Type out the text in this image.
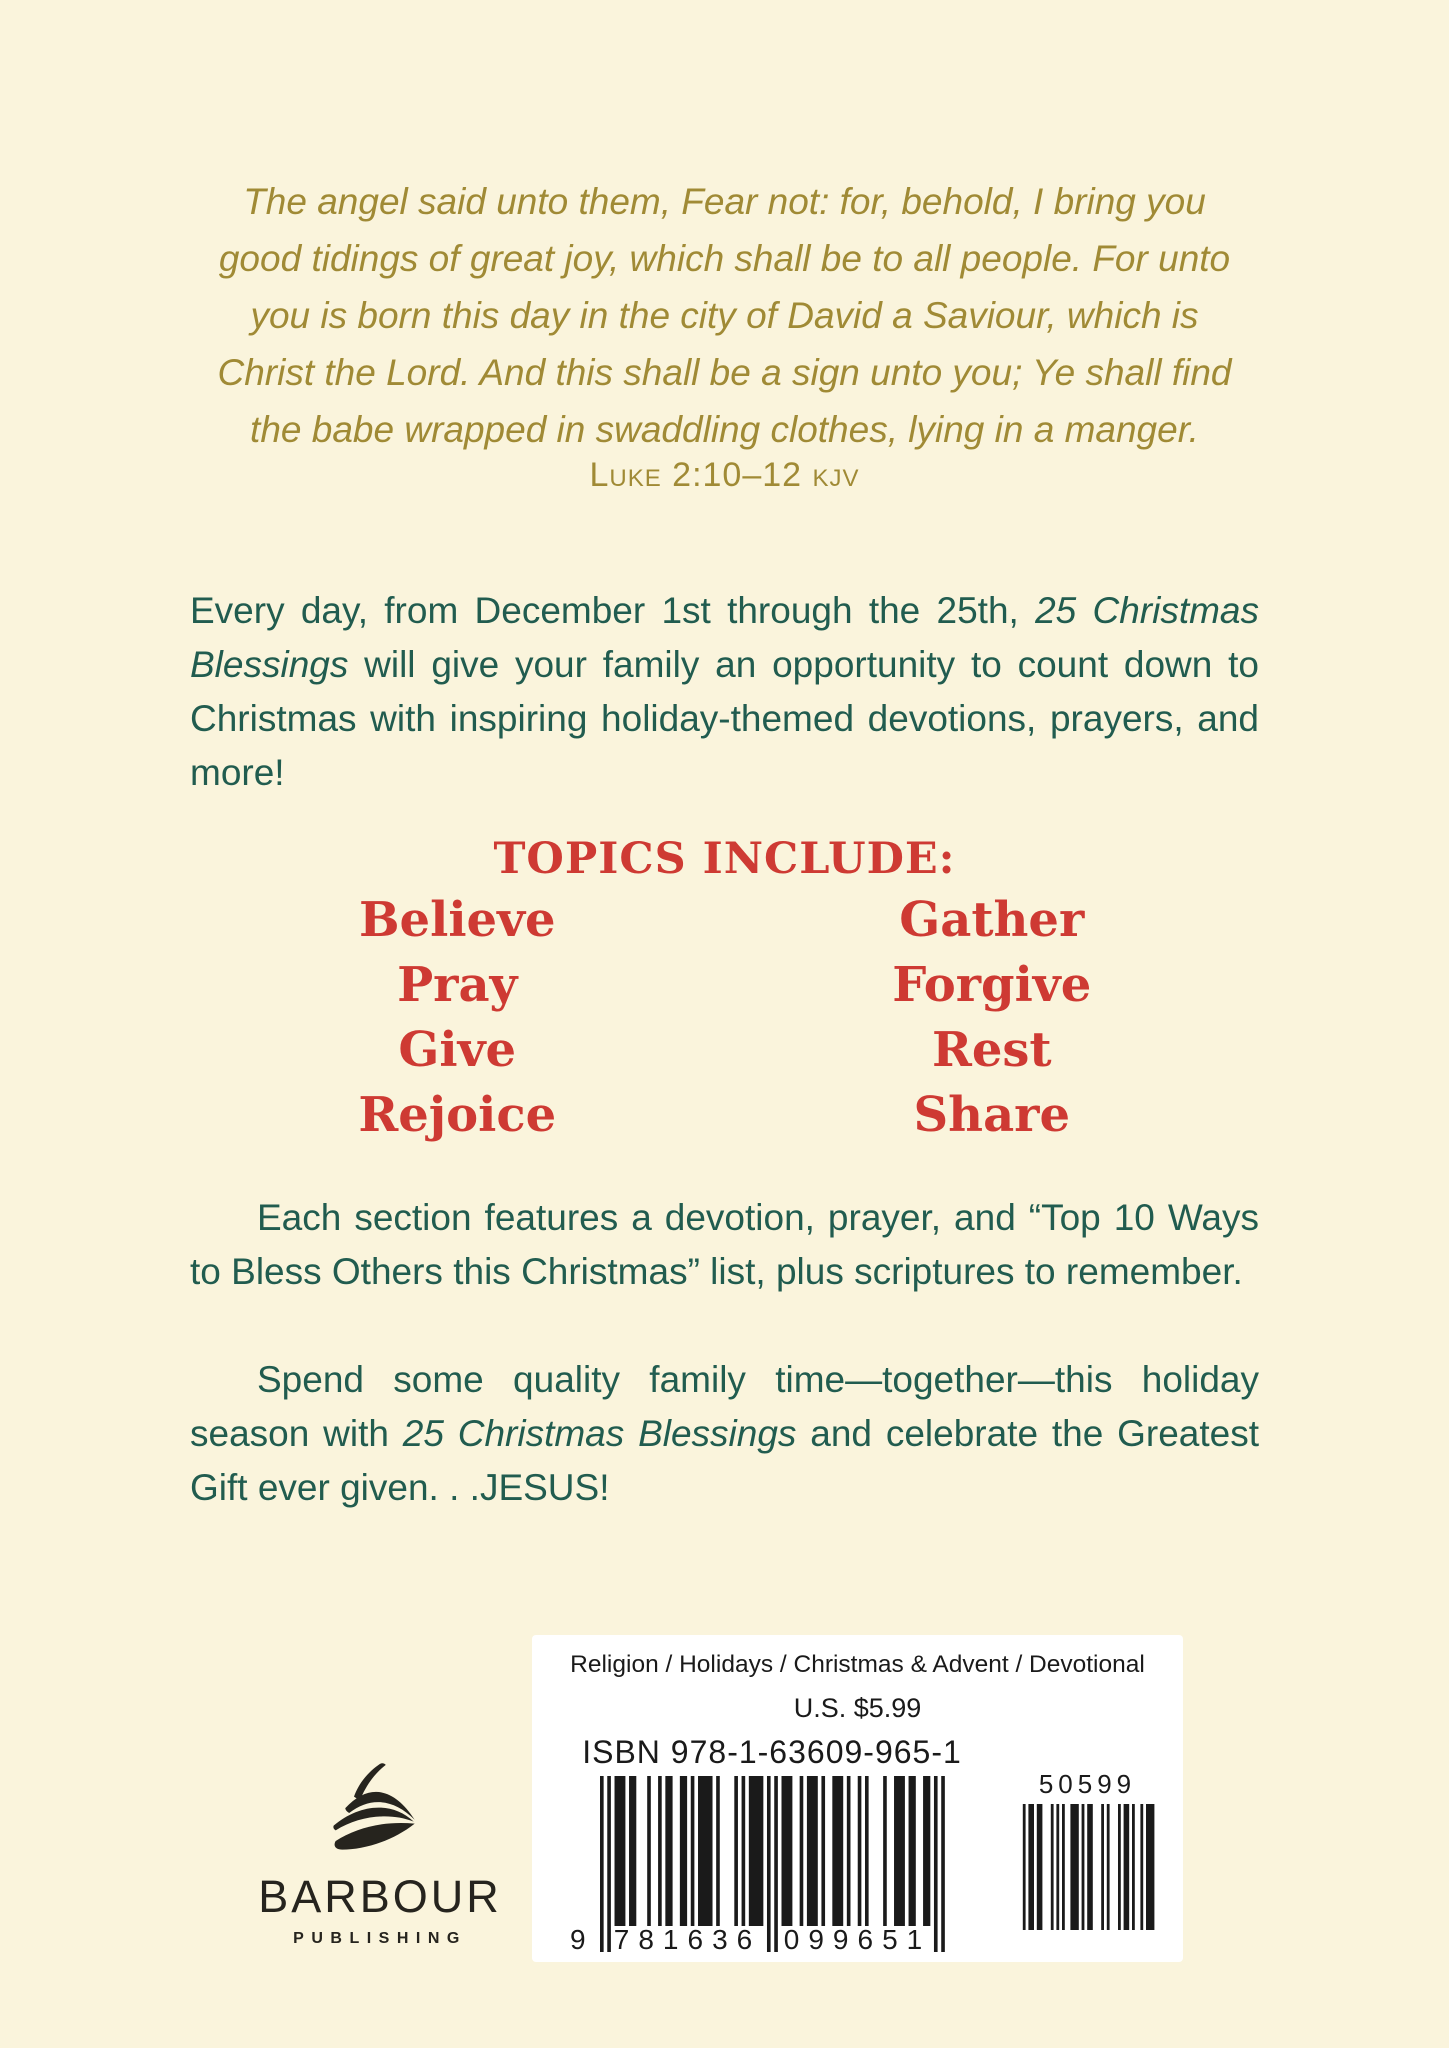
The angel said unto them, Fear not: for, behold, I bring you
good tidings of great joy, which shall be to all people. For unto
you is born this day in the city of David a Saviour, which is
Christ the Lord. And this shall be a sign unto you; Ye shall find
the babe wrapped in swaddling clothes, lying in a manger.
Luke 2:10–12 kjv

Every day, from December 1st through the 25th, 25 Christmas Blessings will give your family an opportunity to count down to Christmas with inspiring holiday-themed devotions, prayers, and more!

TOPICS INCLUDE:
Believe
Pray
Give
Rejoice
Gather
Forgive
Rest
Share

Each section features a devotion, prayer, and “Top 10 Ways to Bless Others this Christmas” list, plus scriptures to remember.

Spend some quality family time—together—this holiday season with 25 Christmas Blessings and celebrate the Greatest Gift ever given. . .JESUS!

Religion / Holidays / Christmas & Advent / Devotional
U.S. $5.99
ISBN 978-1-63609-965-1
9 781636 099651
50599
BARBOUR
PUBLISHING
